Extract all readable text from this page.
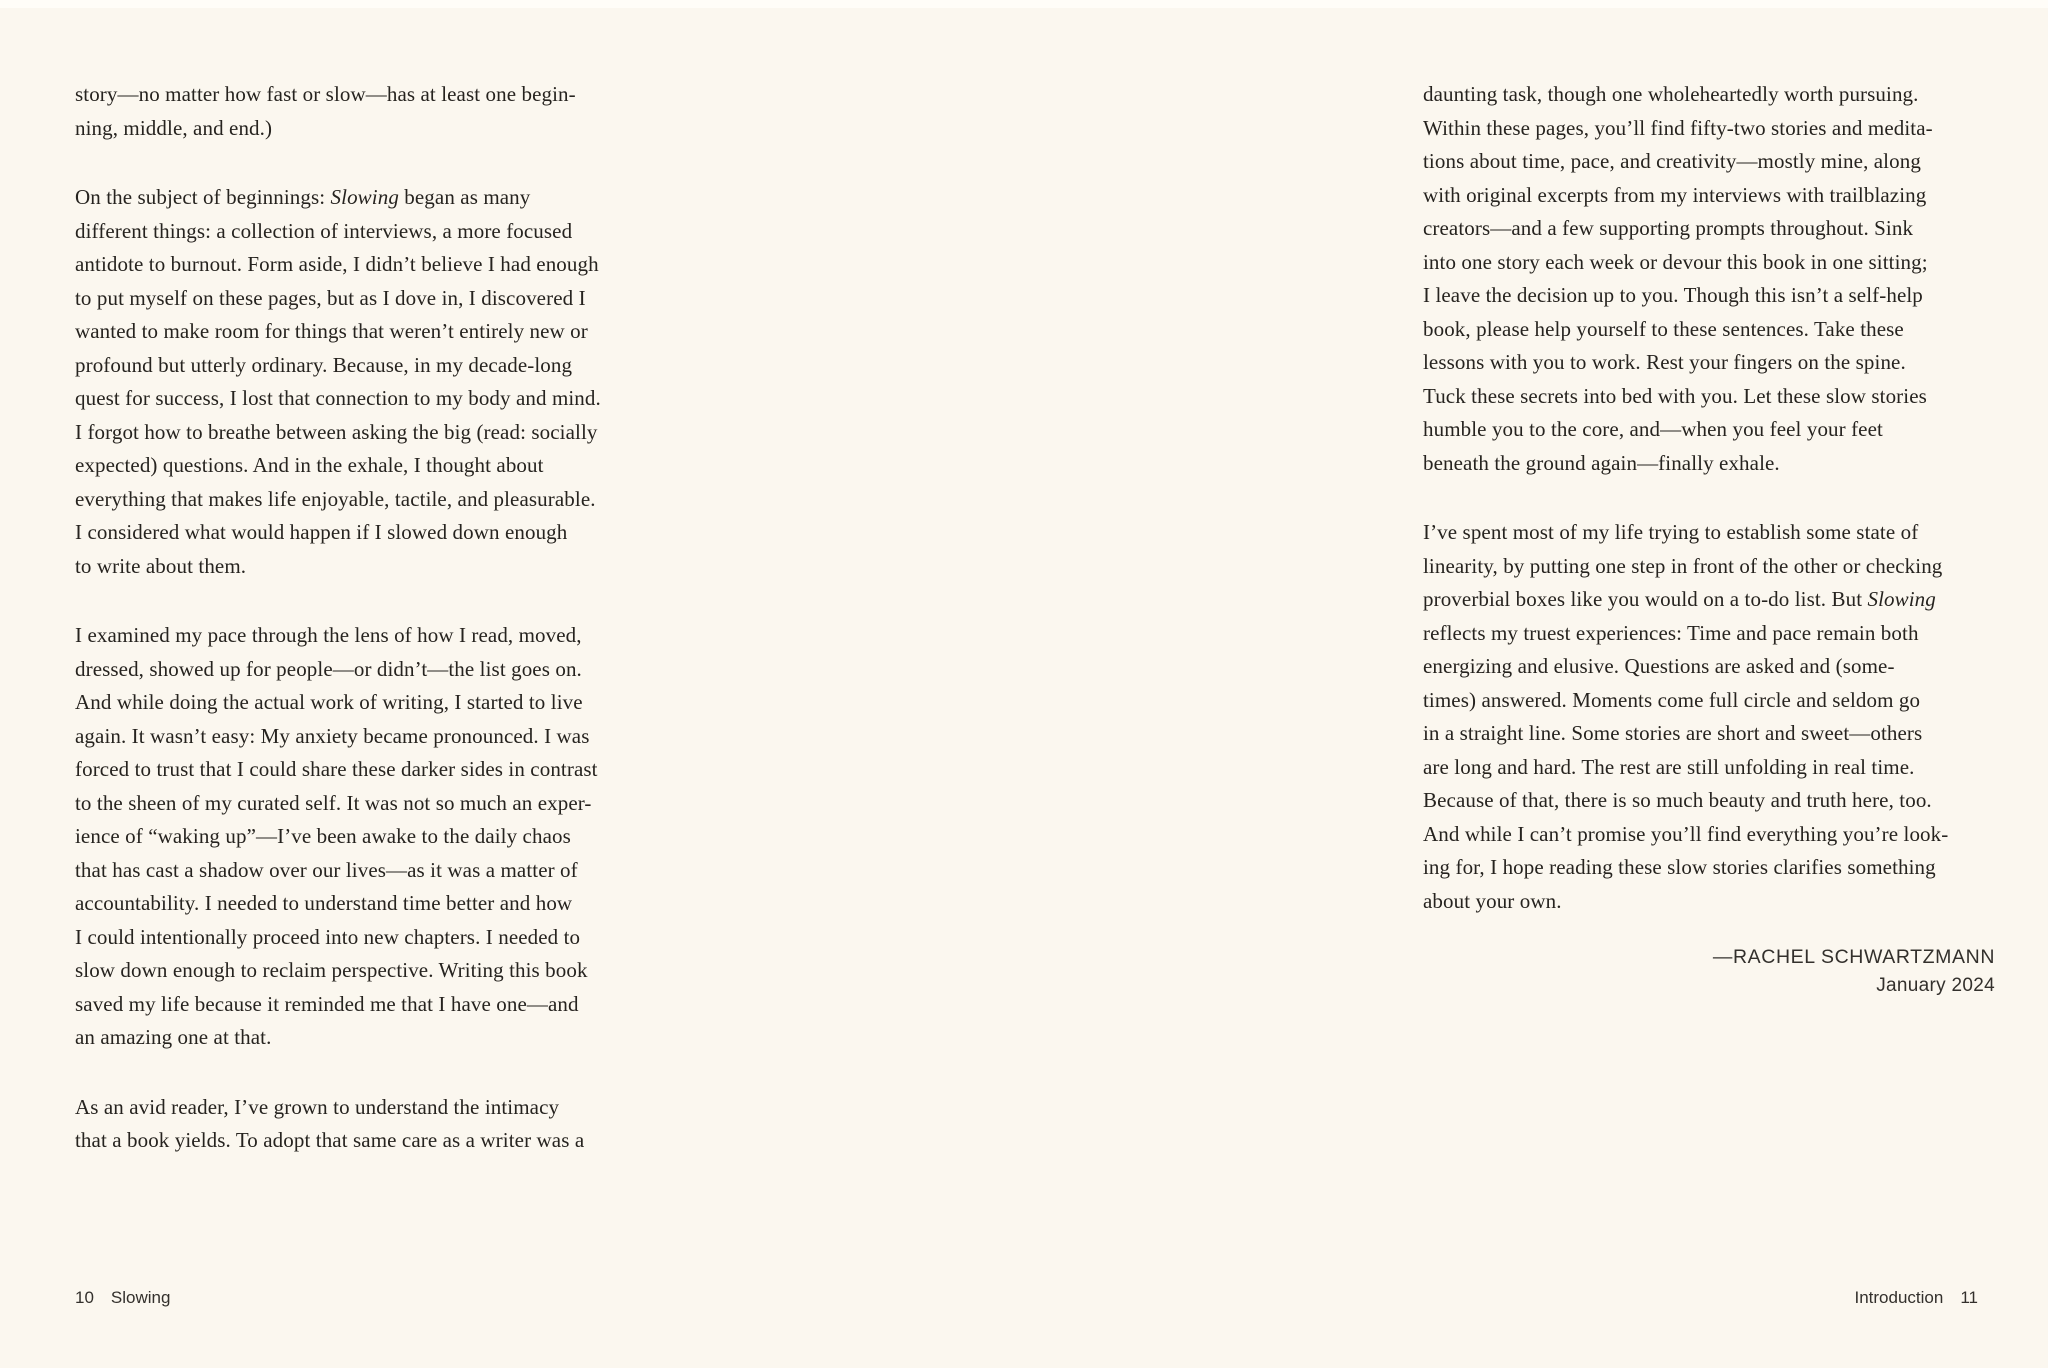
story—no matter how fast or slow—has at least one begin-
ning, middle, and end.)
On the subject of beginnings: Slowing began as many
different things: a collection of interviews, a more focused
antidote to burnout. Form aside, I didn’t believe I had enough
to put myself on these pages, but as I dove in, I discovered I
wanted to make room for things that weren’t entirely new or
profound but utterly ordinary. Because, in my decade-long
quest for success, I lost that connection to my body and mind.
I forgot how to breathe between asking the big (read: socially
expected) questions. And in the exhale, I thought about
everything that makes life enjoyable, tactile, and pleasurable.
I considered what would happen if I slowed down enough
to write about them.
I examined my pace through the lens of how I read, moved,
dressed, showed up for people—or didn’t—the list goes on.
And while doing the actual work of writing, I started to live
again. It wasn’t easy: My anxiety became pronounced. I was
forced to trust that I could share these darker sides in contrast
to the sheen of my curated self. It was not so much an exper-
ience of “waking up”—I’ve been awake to the daily chaos
that has cast a shadow over our lives—as it was a matter of
accountability. I needed to understand time better and how
I could intentionally proceed into new chapters. I needed to
slow down enough to reclaim perspective. Writing this book
saved my life because it reminded me that I have one—and
an amazing one at that.
As an avid reader, I’ve grown to understand the intimacy
that a book yields. To adopt that same care as a writer was a
daunting task, though one wholeheartedly worth pursuing.
Within these pages, you’ll find fifty-two stories and medita-
tions about time, pace, and creativity—mostly mine, along
with original excerpts from my interviews with trailblazing
creators—and a few supporting prompts throughout. Sink
into one story each week or devour this book in one sitting;
I leave the decision up to you. Though this isn’t a self-help
book, please help yourself to these sentences. Take these
lessons with you to work. Rest your fingers on the spine.
Tuck these secrets into bed with you. Let these slow stories
humble you to the core, and—when you feel your feet
beneath the ground again—finally exhale.
I’ve spent most of my life trying to establish some state of
linearity, by putting one step in front of the other or checking
proverbial boxes like you would on a to-do list. But Slowing
reflects my truest experiences: Time and pace remain both
energizing and elusive. Questions are asked and (some-
times) answered. Moments come full circle and seldom go
in a straight line. Some stories are short and sweet—others
are long and hard. The rest are still unfolding in real time.
Because of that, there is so much beauty and truth here, too.
And while I can’t promise you’ll find everything you’re look-
ing for, I hope reading these slow stories clarifies something
about your own.
—RACHEL SCHWARTZMANN
January 2024
10 Slowing	Introduction 11
